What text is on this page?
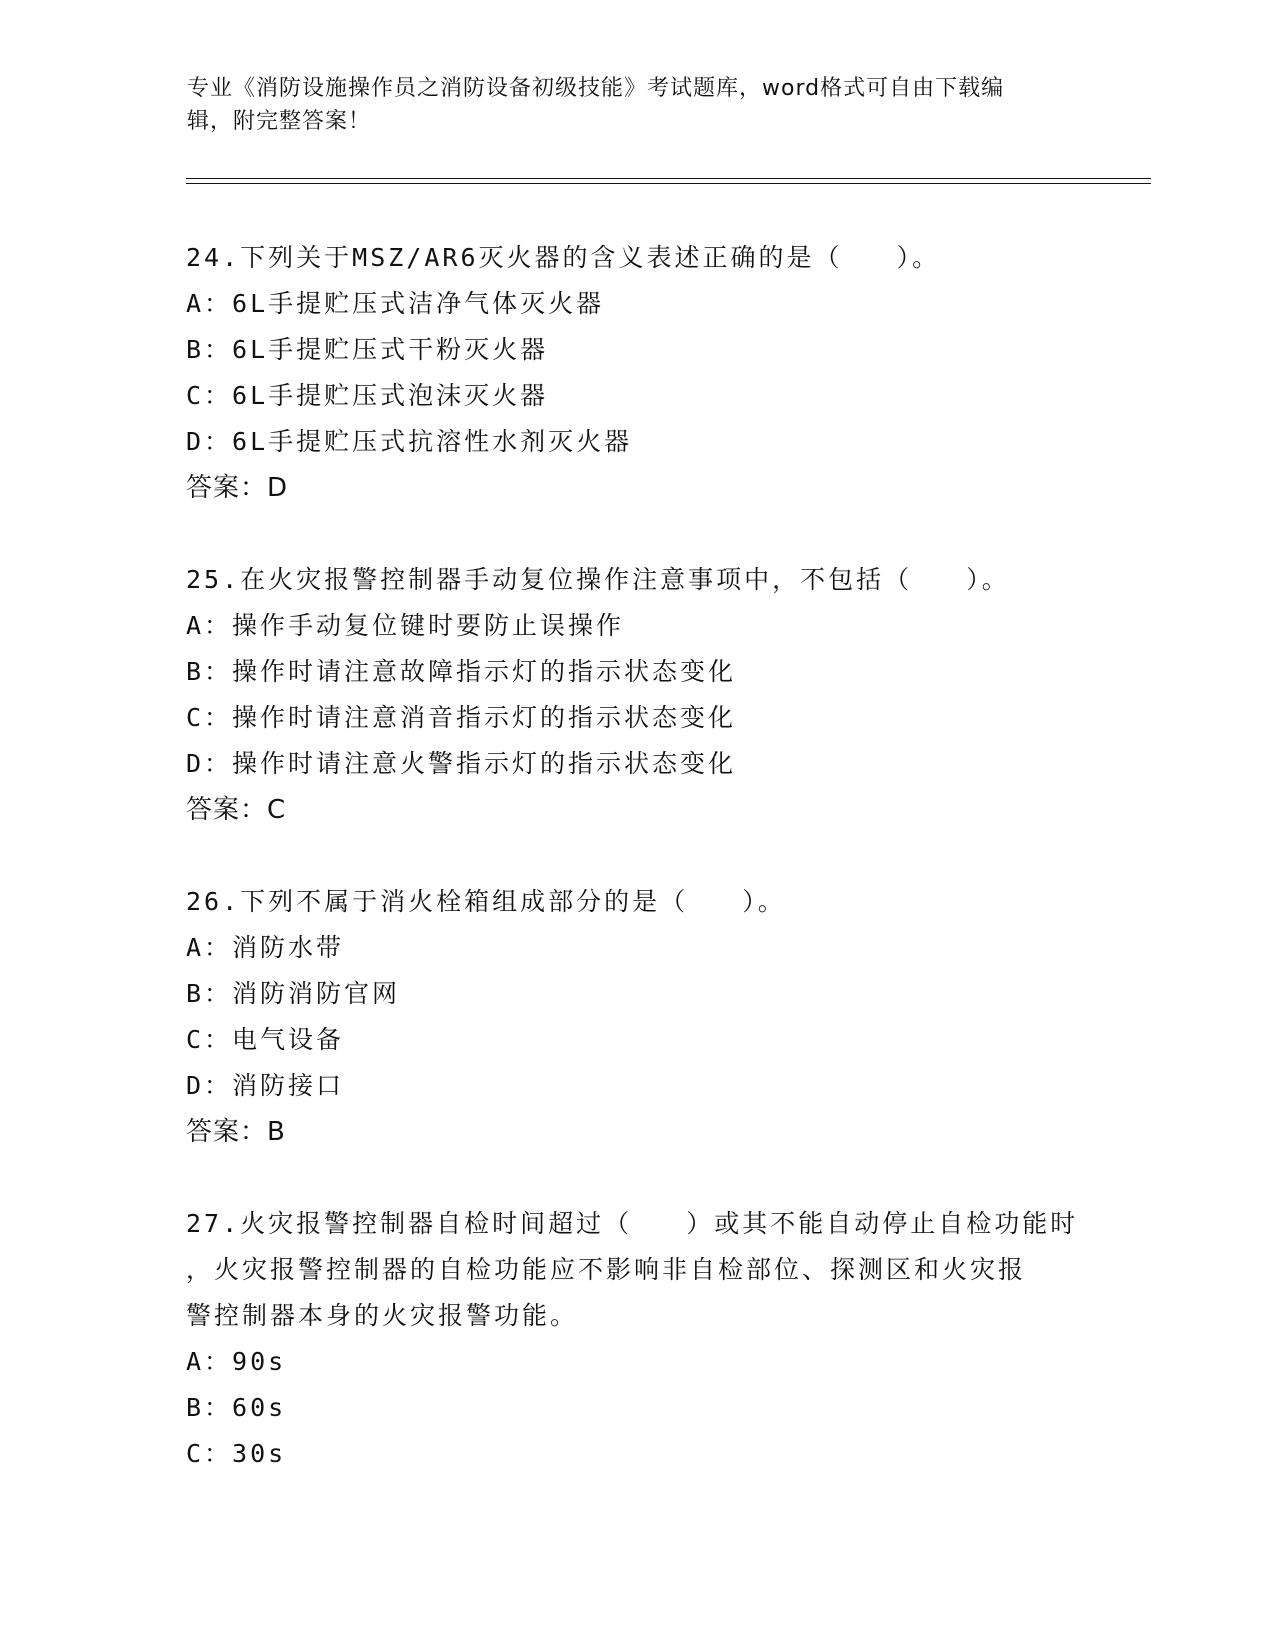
专业《消防设施操作员之消防设备初级技能》考试题库，word格式可自由下载编
辑，附完整答案！
24.下列关于MSZ/AR6灭火器的含义表述正确的是（   ）。
A：6L手提贮压式洁净气体灭火器
B：6L手提贮压式干粉灭火器
C：6L手提贮压式泡沫灭火器
D：6L手提贮压式抗溶性水剂灭火器
答案：D
25.在火灾报警控制器手动复位操作注意事项中，不包括（   ）。
A：操作手动复位键时要防止误操作
B：操作时请注意故障指示灯的指示状态变化
C：操作时请注意消音指示灯的指示状态变化
D：操作时请注意火警指示灯的指示状态变化
答案：C
26.下列不属于消火栓箱组成部分的是（   ）。
A：消防水带
B：消防消防官网
C：电气设备
D：消防接口
答案：B
27.火灾报警控制器自检时间超过（   ）或其不能自动停止自检功能时
，火灾报警控制器的自检功能应不影响非自检部位、探测区和火灾报
警控制器本身的火灾报警功能。
A：90s
B：60s
C：30s
